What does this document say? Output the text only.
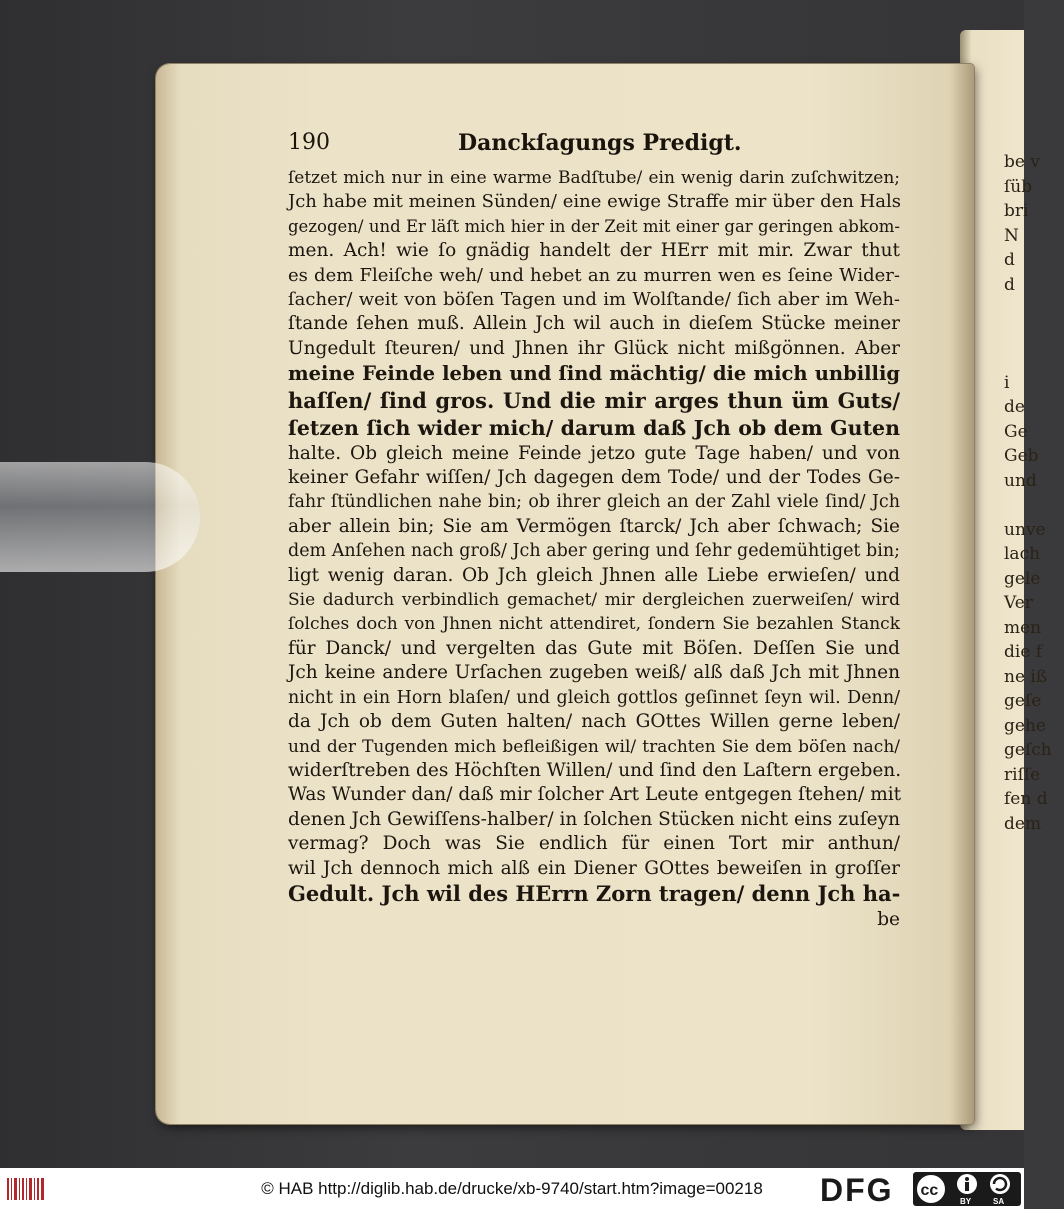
be v
ſüb
bri
N
d
d

i
de
Ge
Geb
und

unve
lach
gele
Ver
men
die f
ne iß
geſe
gehe
geſch
riſſe
fen d
dem
190	Danckſagungs Predigt.
ſetzet mich nur in eine warme Badſtube/ ein wenig darin zuſchwitzen;
Jch habe mit meinen Sünden/ eine ewige Straffe mir über den Hals
gezogen/ und Er läſt mich hier in der Zeit mit einer gar geringen abkom-
men. Ach! wie ſo gnädig handelt der HErr mit mir. Zwar thut
es dem Fleiſche weh/ und hebet an zu murren wen es ſeine Wider-
ſacher/ weit von böſen Tagen und im Wolſtande/ ſich aber im Weh-
ſtande ſehen muß. Allein Jch wil auch in dieſem Stücke meiner
Ungedult ſteuren/ und Jhnen ihr Glück nicht mißgönnen. Aber
meine Feinde leben und ſind mächtig/ die mich unbillig
haſſen/ ſind gros. Und die mir arges thun üm Guts/
ſetzen ſich wider mich/ darum daß Jch ob dem Guten
halte. Ob gleich meine Feinde jetzo gute Tage haben/ und von
keiner Gefahr wiſſen/ Jch dagegen dem Tode/ und der Todes Ge-
fahr ſtündlichen nahe bin; ob ihrer gleich an der Zahl viele ſind/ Jch
aber allein bin; Sie am Vermögen ſtarck/ Jch aber ſchwach; Sie
dem Anſehen nach groß/ Jch aber gering und ſehr gedemühtiget bin;
ligt wenig daran. Ob Jch gleich Jhnen alle Liebe erwieſen/ und
Sie dadurch verbindlich gemachet/ mir dergleichen zuerweiſen/ wird
ſolches doch von Jhnen nicht attendiret, ſondern Sie bezahlen Stanck
für Danck/ und vergelten das Gute mit Böſen. Deſſen Sie und
Jch keine andere Urſachen zugeben weiß/ alß daß Jch mit Jhnen
nicht in ein Horn blaſen/ und gleich gottlos geſinnet ſeyn wil. Denn/
da Jch ob dem Guten halten/ nach GOttes Willen gerne leben/
und der Tugenden mich befleißigen wil/ trachten Sie dem böſen nach/
widerſtreben des Höchſten Willen/ und ſind den Laſtern ergeben.
Was Wunder dan/ daß mir ſolcher Art Leute entgegen ſtehen/ mit
denen Jch Gewiſſens-halber/ in ſolchen Stücken nicht eins zuſeyn
vermag? Doch was Sie endlich für einen Tort mir anthun/
wil Jch dennoch mich alß ein Diener GOttes beweiſen in groſſer
Gedult. Jch wil des HErrn Zorn tragen/ denn Jch ha-
be
© HAB http://diglib.hab.de/drucke/xb-9740/start.htm?image=00218	DFG cc
BY	SA
